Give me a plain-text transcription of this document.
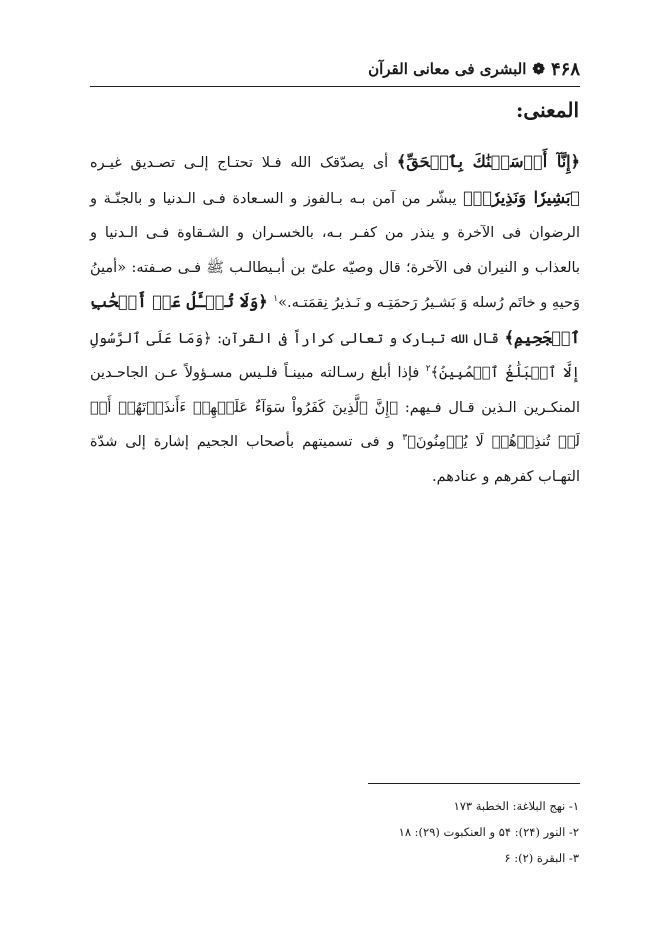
۴۶۸
❁
البشری فی معانی القرآن
المعنی:

﴿إِنَّآ أَرۡسَلۡنَٰكَ بِٱلۡحَقِّ﴾ أی یصدّقک الله فـلا تحتـاج إلـی تصـدیق غیـره ﴿بَشِيرٗا وَنَذِيرٗاۖ﴾ یبشّر من آمن بـه بـالفوز و السـعادة فـی الـدنیا و بالجنّـة و الرضوان فی الآخرة و ینذر من کفـر بـه، بالخسـران و الشـقاوة فـی الـدنیا و بالعذاب و النیران فی الآخرة؛ قال وصیّه علیّ بن أبـیطالـب ﷺ فـی صـفته: «أمینُ وَحیهِ و خاتَم رُسله وَ بَشـیرُ رَحمَتِـه و نَـذیرُ نِقمَتـه.»$^۱$ ﴿وَلَا تُسۡـَٔلُ عَنۡ أَصۡحَٰبِ ٱلۡجَحِيمِ﴾ قال الله تبارک و تعالی کراراً فی القرآن: ﴿وَمَا عَلَى ٱلرَّسُولِ إِلَّا ٱلۡبَلَٰغُ ٱلۡمُبِينُ﴾$^۲$ فإذا أبلغ رسـالته مبینـاً فلـیس مسـؤولاً عـن الجاحـدین المنکـرین الـذین قـال فـیهم: ﴿إِنَّ ٱلَّذِينَ كَفَرُواْ سَوَآءٌ عَلَيۡهِمۡ ءَأَنذَرۡتَهُمۡ أَمۡ لَمۡ تُنذِرۡهُمۡ لَا يُؤۡمِنُونَ﴾$^۳$ و فی تسمیتهم بأصحاب الجحیم إشارة إلی شدّة التهـاب کفرهم و عنادهم.

۱- نهج البلاغة: الخطبة ۱۷۳
۲- النور (۲۴): ۵۴ و العنکبوت (۲۹): ۱۸
۳- البقرة (۲): ۶
